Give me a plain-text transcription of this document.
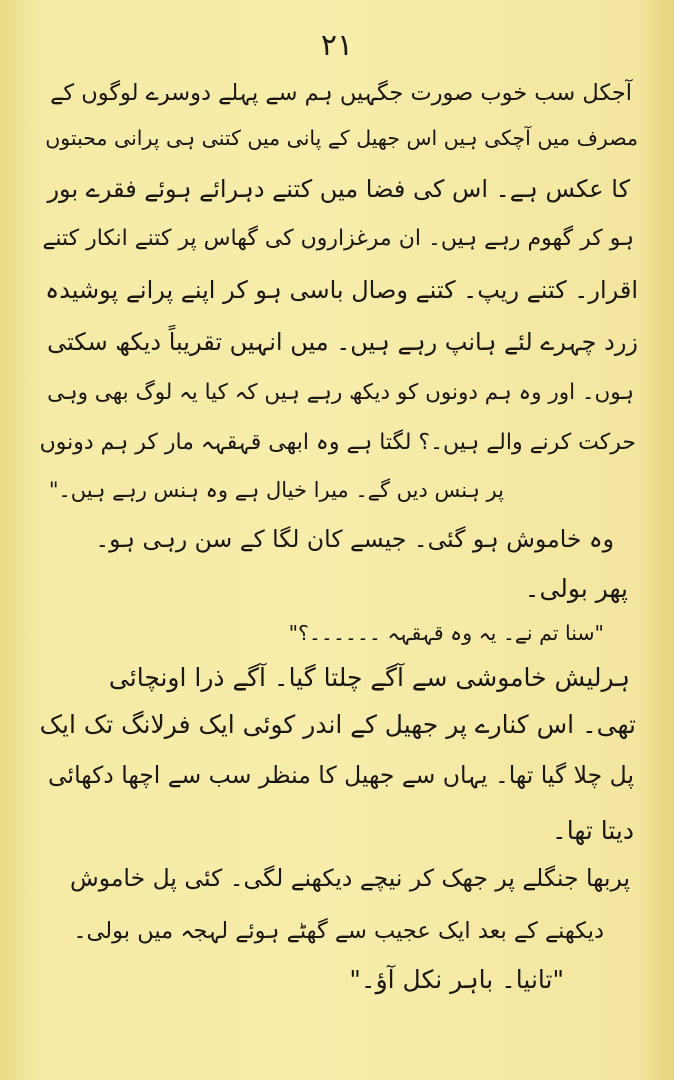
۲۱
آجکل سب خوب صورت جگہیں ہم سے پہلے دوسرے لوگوں کے
مصرف میں آچکی ہیں اس جھیل کے پانی میں کتنی ہی پرانی محبتوں
کا عکس ہے۔ اس کی فضا میں کتنے دہرائے ہوئے فقرے بور
ہو کر گھوم رہے ہیں۔ ان مرغزاروں کی گھاس پر کتنے انکار کتنے
اقرار۔ کتنے ریپ۔ کتنے وصال باسی ہو کر اپنے پرانے پوشیدہ
زرد چہرے لئے ہانپ رہے ہیں۔ میں انہیں تقریباً دیکھ سکتی
ہوں۔ اور وہ ہم دونوں کو دیکھ رہے ہیں کہ کیا یہ لوگ بھی وہی
حرکت کرنے والے ہیں۔؟ لگتا ہے وہ ابھی قہقہہ مار کر ہم دونوں
پر ہنس دیں گے۔ میرا خیال ہے وہ ہنس رہے ہیں۔"
وہ خاموش ہو گئی۔ جیسے کان لگا کے سن رہی ہو۔
پھر بولی۔
"سنا تم نے۔ یہ وہ قہقہہ ۔۔۔۔۔۔؟"
ہرلیش خاموشی سے آگے چلتا گیا۔ آگے ذرا اونچائی
تھی۔ اس کنارے پر جھیل کے اندر کوئی ایک فرلانگ تک ایک
پل چلا گیا تھا۔ یہاں سے جھیل کا منظر سب سے اچھا دکھائی
دیتا تھا۔
پربھا جنگلے پر جھک کر نیچے دیکھنے لگی۔ کئی پل خاموش
دیکھنے کے بعد ایک عجیب سے گھٹے ہوئے لہجہ میں بولی۔
"تانیا۔ باہر نکل آؤ۔"
